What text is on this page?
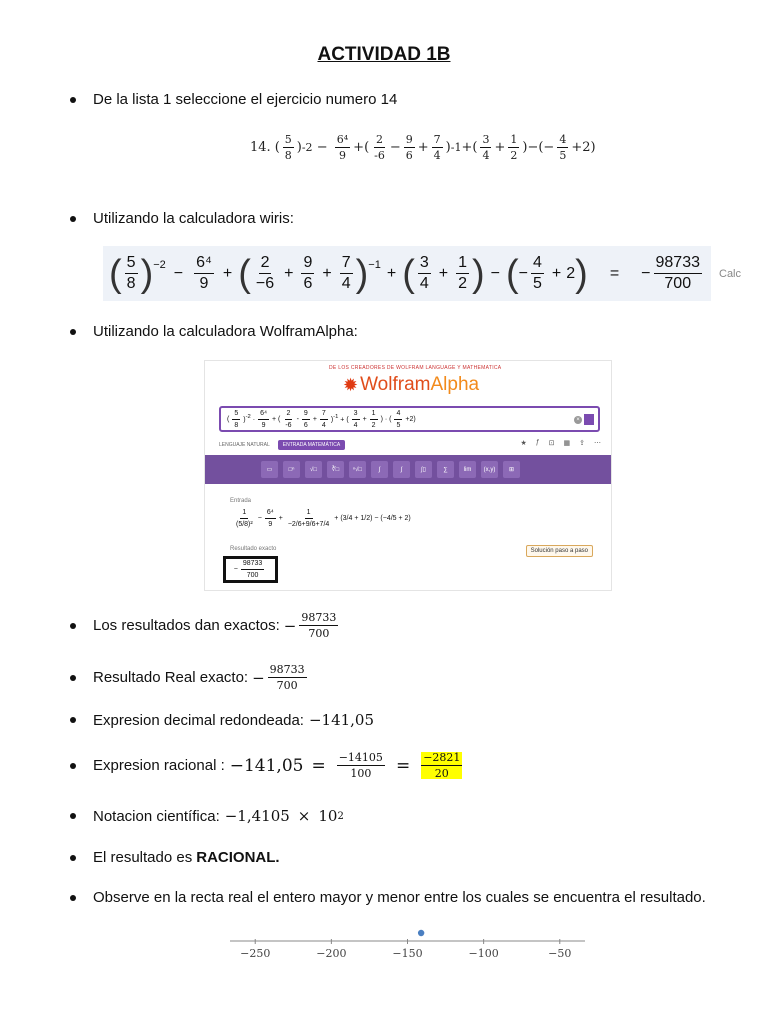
ACTIVIDAD 1B
De la lista 1 seleccione el ejercicio numero 14
14. ( $\frac{5}{8}$ ) $-2 - \frac{\text{6⁴}}{9}$ + ( $\frac{2}{-6} - \frac{9}{6} + \frac{7}{4}$ ) -1 + ( $\frac{3}{4} + \frac{1}{2}$ ) − ( − $\frac{4}{5} +2$ )
Utilizando la calculadora wiris:
( $\frac{5}{8} )^{-2} - \frac{\text{6⁴}}{9}$ + ( $\frac{2}{-6} + \frac{9}{6} + \frac{7}{4} )^{-1}$ + ( $\frac{3}{4} + \frac{1}{2}$ ) − ( − $\frac{4}{5} + 2$ ) = − $\frac{98733}{700}$ Calc
Utilizando la calculadora WolframAlpha:
DE LOS CREADORES DE WOLFRAM LANGUAGE Y MATHEMATICA
✹ Wolfram Alpha
( $\frac{5}{8} )^{-2} \cdot \frac{\text{6⁴}}{9}$ + ( $\frac{2}{-6} - \frac{9}{6} + \frac{7}{4} )^{-1}$ + ( $\frac{3}{4} + \frac{1}{2}$ ) · ( $\frac{4}{5} +2$)	×
LENGUAJE NATURAL	ENTRADA MATEMÁTICA	★ ƒ ⊡ ▦ ⇪ ⋯
▭	□ⁿ	√□	∛□	ⁿ√□	∫	∫	∫▯	∑	lim	(x,y)	⊞
Entrada
$\frac{1}{\text{(5/8)²}} - \frac{\text{6⁴}}{9} + \frac{1}{-2/6+9/6+7/4} + (3/4 + 1/2) - (-4/5 + 2)$
Resultado exacto	Solución paso a paso
− $\frac{98733}{700}$
Los resultados dan exactos: − $\frac{98733}{700}$
Resultado Real exacto: − $\frac{98733}{700}$
Expresion decimal redondeada: −141,05
Expresion racional : $-141,05 = \frac{-14105}{100} = \frac{-2821}{20}$
Notacion científica: −1,4105 × 10 2
El resultado es RACIONAL.
Observe en la recta real el entero mayor y menor entre los cuales se encuentra el resultado.
−250	−200	−150	−100	−50
